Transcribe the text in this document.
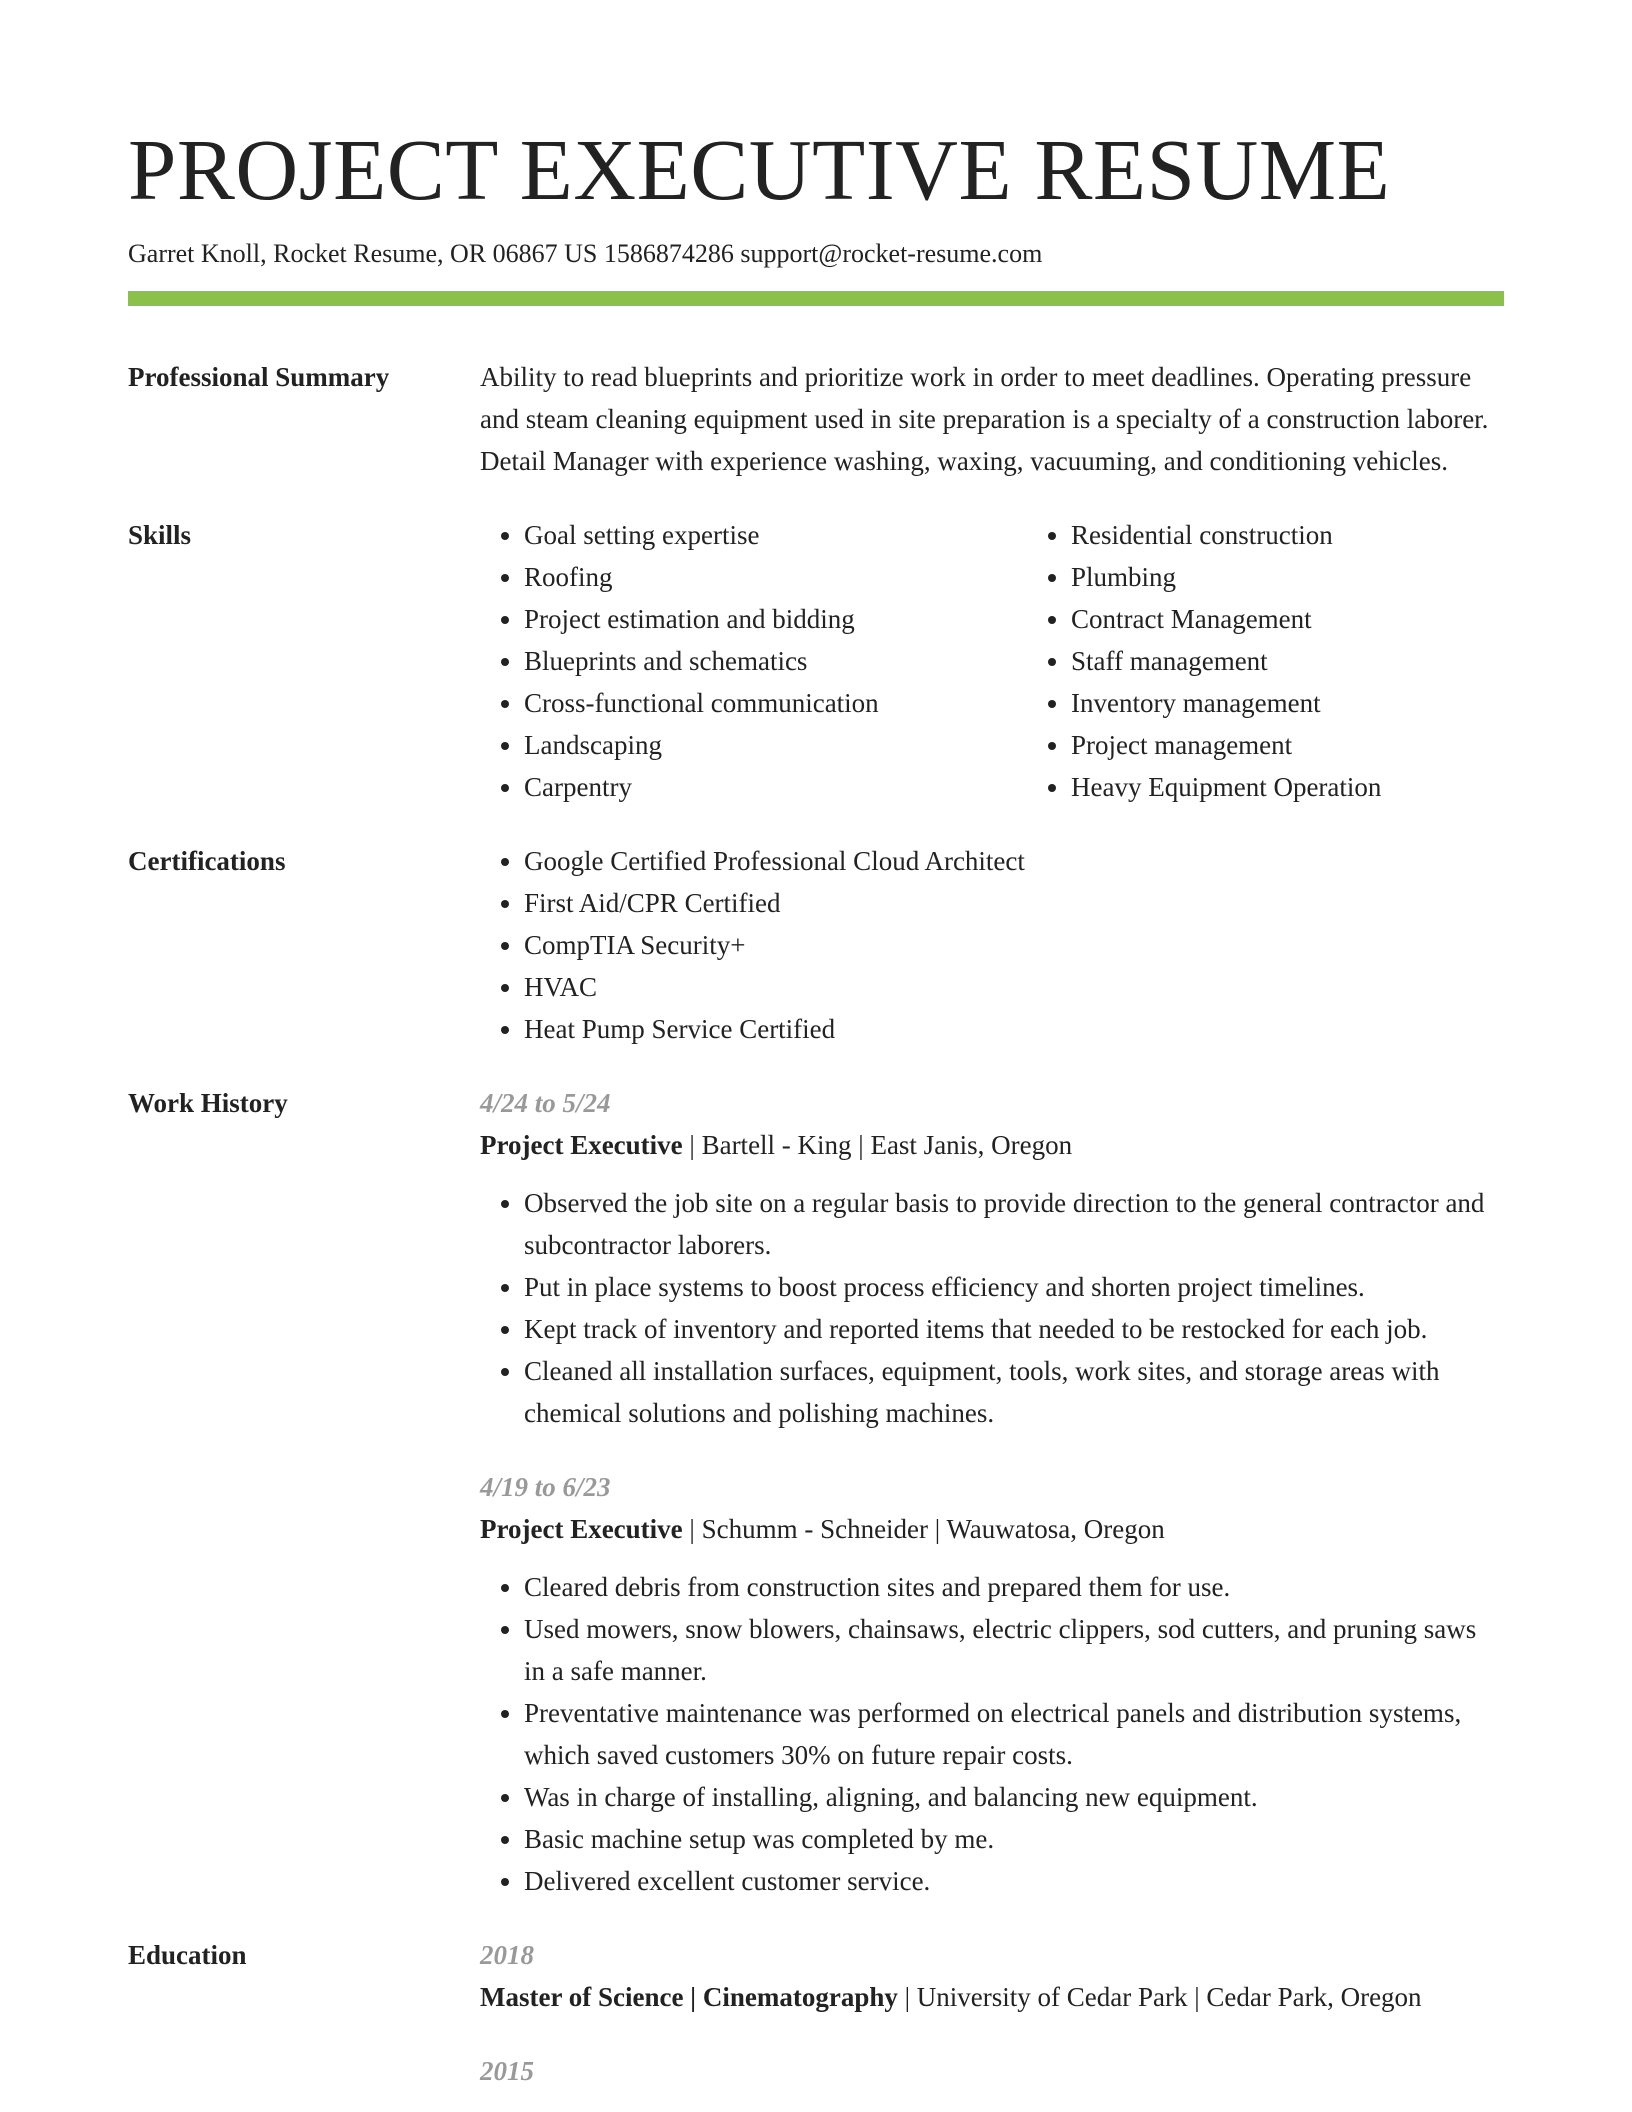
PROJECT EXECUTIVE RESUME
Garret Knoll, Rocket Resume, OR 06867 US 1586874286 support@rocket-resume.com
Professional Summary	Ability to read blueprints and prioritize work in order to meet deadlines. Operating pressure and steam cleaning equipment used in site preparation is a specialty of a construction laborer. Detail Manager with experience washing, waxing, vacuuming, and conditioning vehicles.
Skills	• Goal setting expertise
• Roofing
• Project estimation and bidding
• Blueprints and schematics
• Cross-functional communication
• Landscaping
• Carpentry
• Residential construction
• Plumbing
• Contract Management
• Staff management
• Inventory management
• Project management
• Heavy Equipment Operation
Certifications	• Google Certified Professional Cloud Architect
• First Aid/CPR Certified
• CompTIA Security+
• HVAC
• Heat Pump Service Certified
Work History	4/24 to 5/24
Project Executive | Bartell - King | East Janis, Oregon
• Observed the job site on a regular basis to provide direction to the general contractor and subcontractor laborers.
• Put in place systems to boost process efficiency and shorten project timelines.
• Kept track of inventory and reported items that needed to be restocked for each job.
• Cleaned all installation surfaces, equipment, tools, work sites, and storage areas with chemical solutions and polishing machines.
4/19 to 6/23
Project Executive | Schumm - Schneider | Wauwatosa, Oregon
• Cleared debris from construction sites and prepared them for use.
• Used mowers, snow blowers, chainsaws, electric clippers, sod cutters, and pruning saws in a safe manner.
• Preventative maintenance was performed on electrical panels and distribution systems, which saved customers 30% on future repair costs.
• Was in charge of installing, aligning, and balancing new equipment.
• Basic machine setup was completed by me.
• Delivered excellent customer service.
Education	2018
Master of Science | Cinematography | University of Cedar Park | Cedar Park, Oregon
2015
